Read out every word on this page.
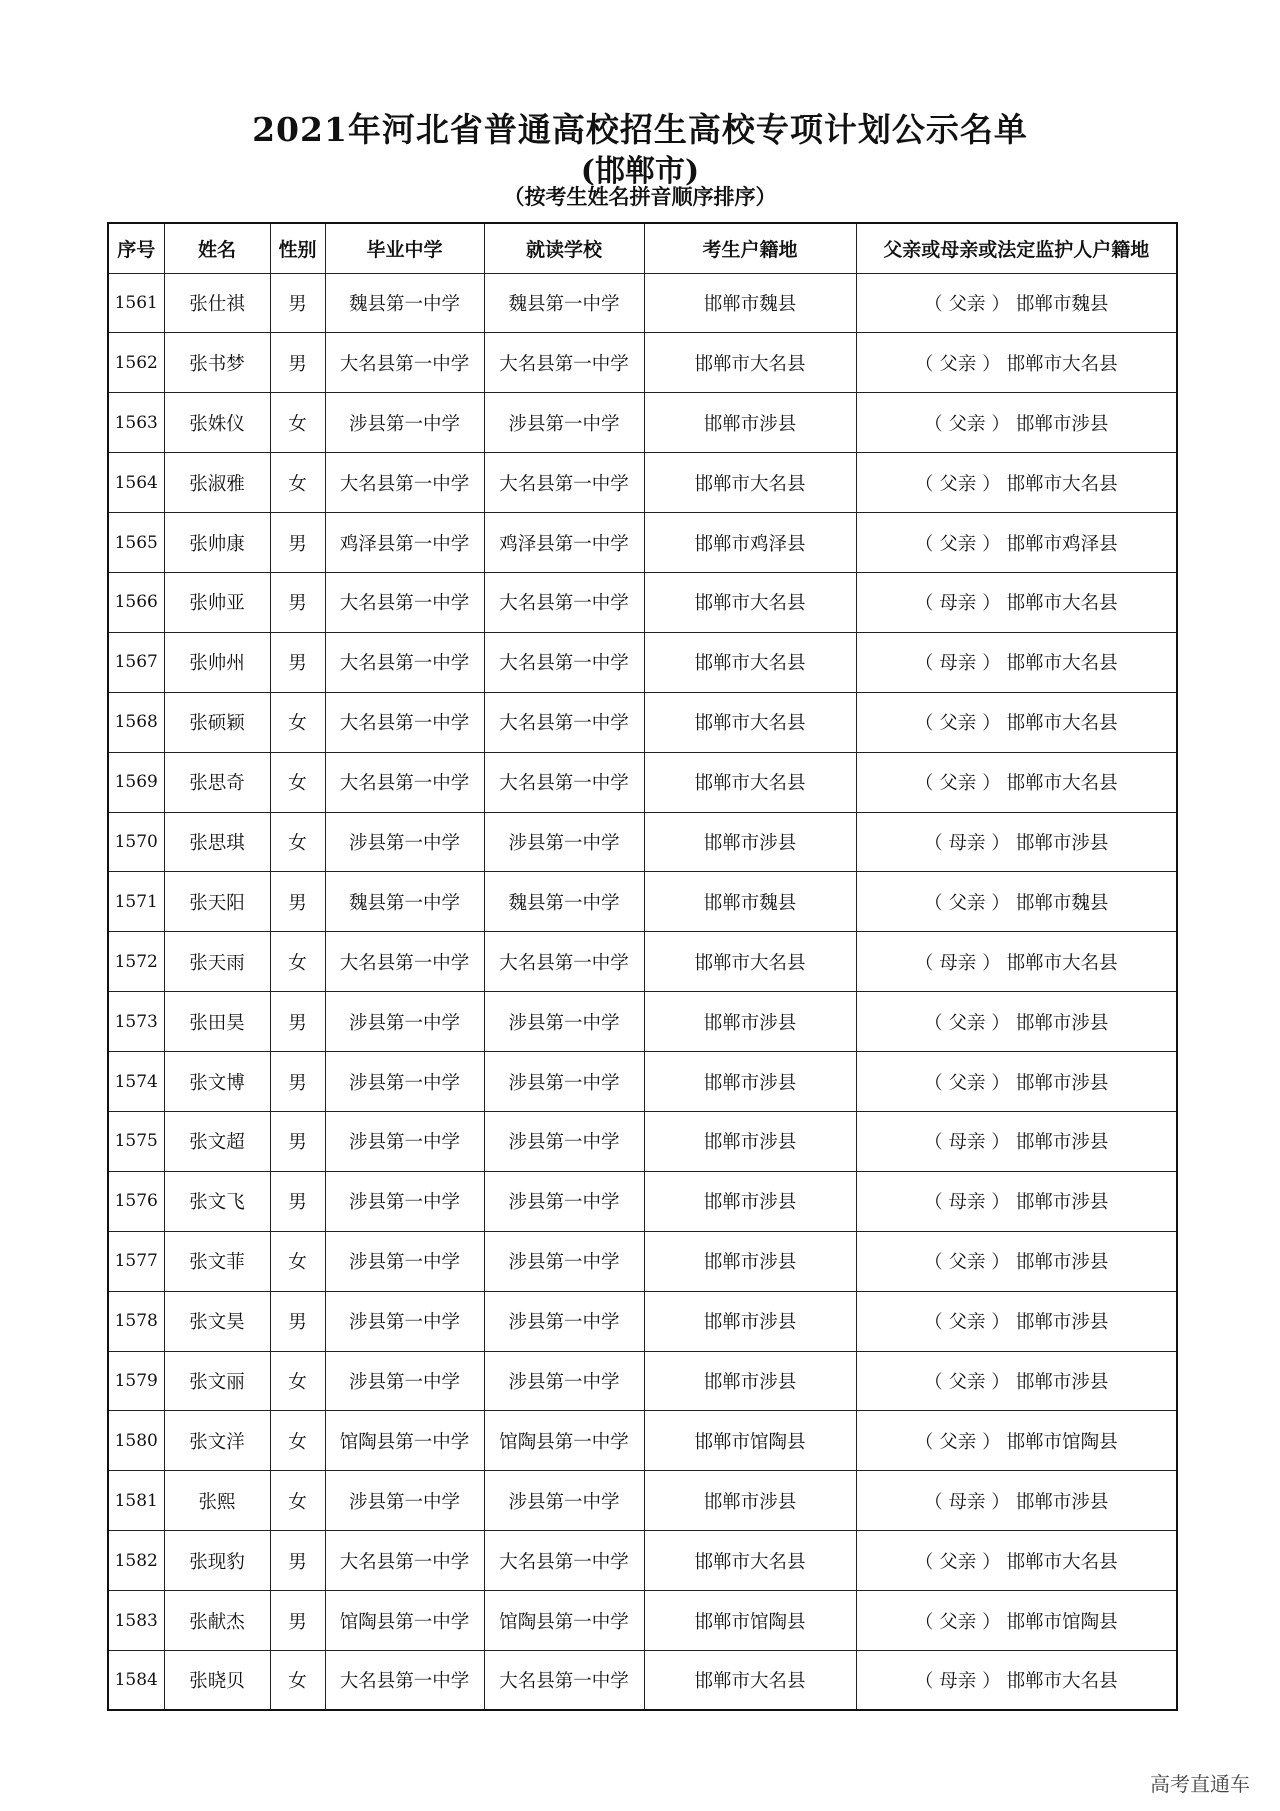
2021年河北省普通高校招生高校专项计划公示名单
(邯郸市)
（按考生姓名拼音顺序排序）
序号	姓名	性别	毕业中学	就读学校	考生户籍地	父亲或母亲或法定监护人户籍地
1561	张仕祺	男	魏县第一中学	魏县第一中学	邯郸市魏县	（ 父亲 ） 邯郸市魏县
1562	张书梦	男	大名县第一中学	大名县第一中学	邯郸市大名县	（ 父亲 ） 邯郸市大名县
1563	张姝仪	女	涉县第一中学	涉县第一中学	邯郸市涉县	（ 父亲 ） 邯郸市涉县
1564	张淑雅	女	大名县第一中学	大名县第一中学	邯郸市大名县	（ 父亲 ） 邯郸市大名县
1565	张帅康	男	鸡泽县第一中学	鸡泽县第一中学	邯郸市鸡泽县	（ 父亲 ） 邯郸市鸡泽县
1566	张帅亚	男	大名县第一中学	大名县第一中学	邯郸市大名县	（ 母亲 ） 邯郸市大名县
1567	张帅州	男	大名县第一中学	大名县第一中学	邯郸市大名县	（ 母亲 ） 邯郸市大名县
1568	张硕颖	女	大名县第一中学	大名县第一中学	邯郸市大名县	（ 父亲 ） 邯郸市大名县
1569	张思奇	女	大名县第一中学	大名县第一中学	邯郸市大名县	（ 父亲 ） 邯郸市大名县
1570	张思琪	女	涉县第一中学	涉县第一中学	邯郸市涉县	（ 母亲 ） 邯郸市涉县
1571	张天阳	男	魏县第一中学	魏县第一中学	邯郸市魏县	（ 父亲 ） 邯郸市魏县
1572	张天雨	女	大名县第一中学	大名县第一中学	邯郸市大名县	（ 母亲 ） 邯郸市大名县
1573	张田昊	男	涉县第一中学	涉县第一中学	邯郸市涉县	（ 父亲 ） 邯郸市涉县
1574	张文博	男	涉县第一中学	涉县第一中学	邯郸市涉县	（ 父亲 ） 邯郸市涉县
1575	张文超	男	涉县第一中学	涉县第一中学	邯郸市涉县	（ 母亲 ） 邯郸市涉县
1576	张文飞	男	涉县第一中学	涉县第一中学	邯郸市涉县	（ 母亲 ） 邯郸市涉县
1577	张文菲	女	涉县第一中学	涉县第一中学	邯郸市涉县	（ 父亲 ） 邯郸市涉县
1578	张文昊	男	涉县第一中学	涉县第一中学	邯郸市涉县	（ 父亲 ） 邯郸市涉县
1579	张文丽	女	涉县第一中学	涉县第一中学	邯郸市涉县	（ 父亲 ） 邯郸市涉县
1580	张文洋	女	馆陶县第一中学	馆陶县第一中学	邯郸市馆陶县	（ 父亲 ） 邯郸市馆陶县
1581	张熙	女	涉县第一中学	涉县第一中学	邯郸市涉县	（ 母亲 ） 邯郸市涉县
1582	张现豹	男	大名县第一中学	大名县第一中学	邯郸市大名县	（ 父亲 ） 邯郸市大名县
1583	张献杰	男	馆陶县第一中学	馆陶县第一中学	邯郸市馆陶县	（ 父亲 ） 邯郸市馆陶县
1584	张晓贝	女	大名县第一中学	大名县第一中学	邯郸市大名县	（ 母亲 ） 邯郸市大名县
高考直通车
